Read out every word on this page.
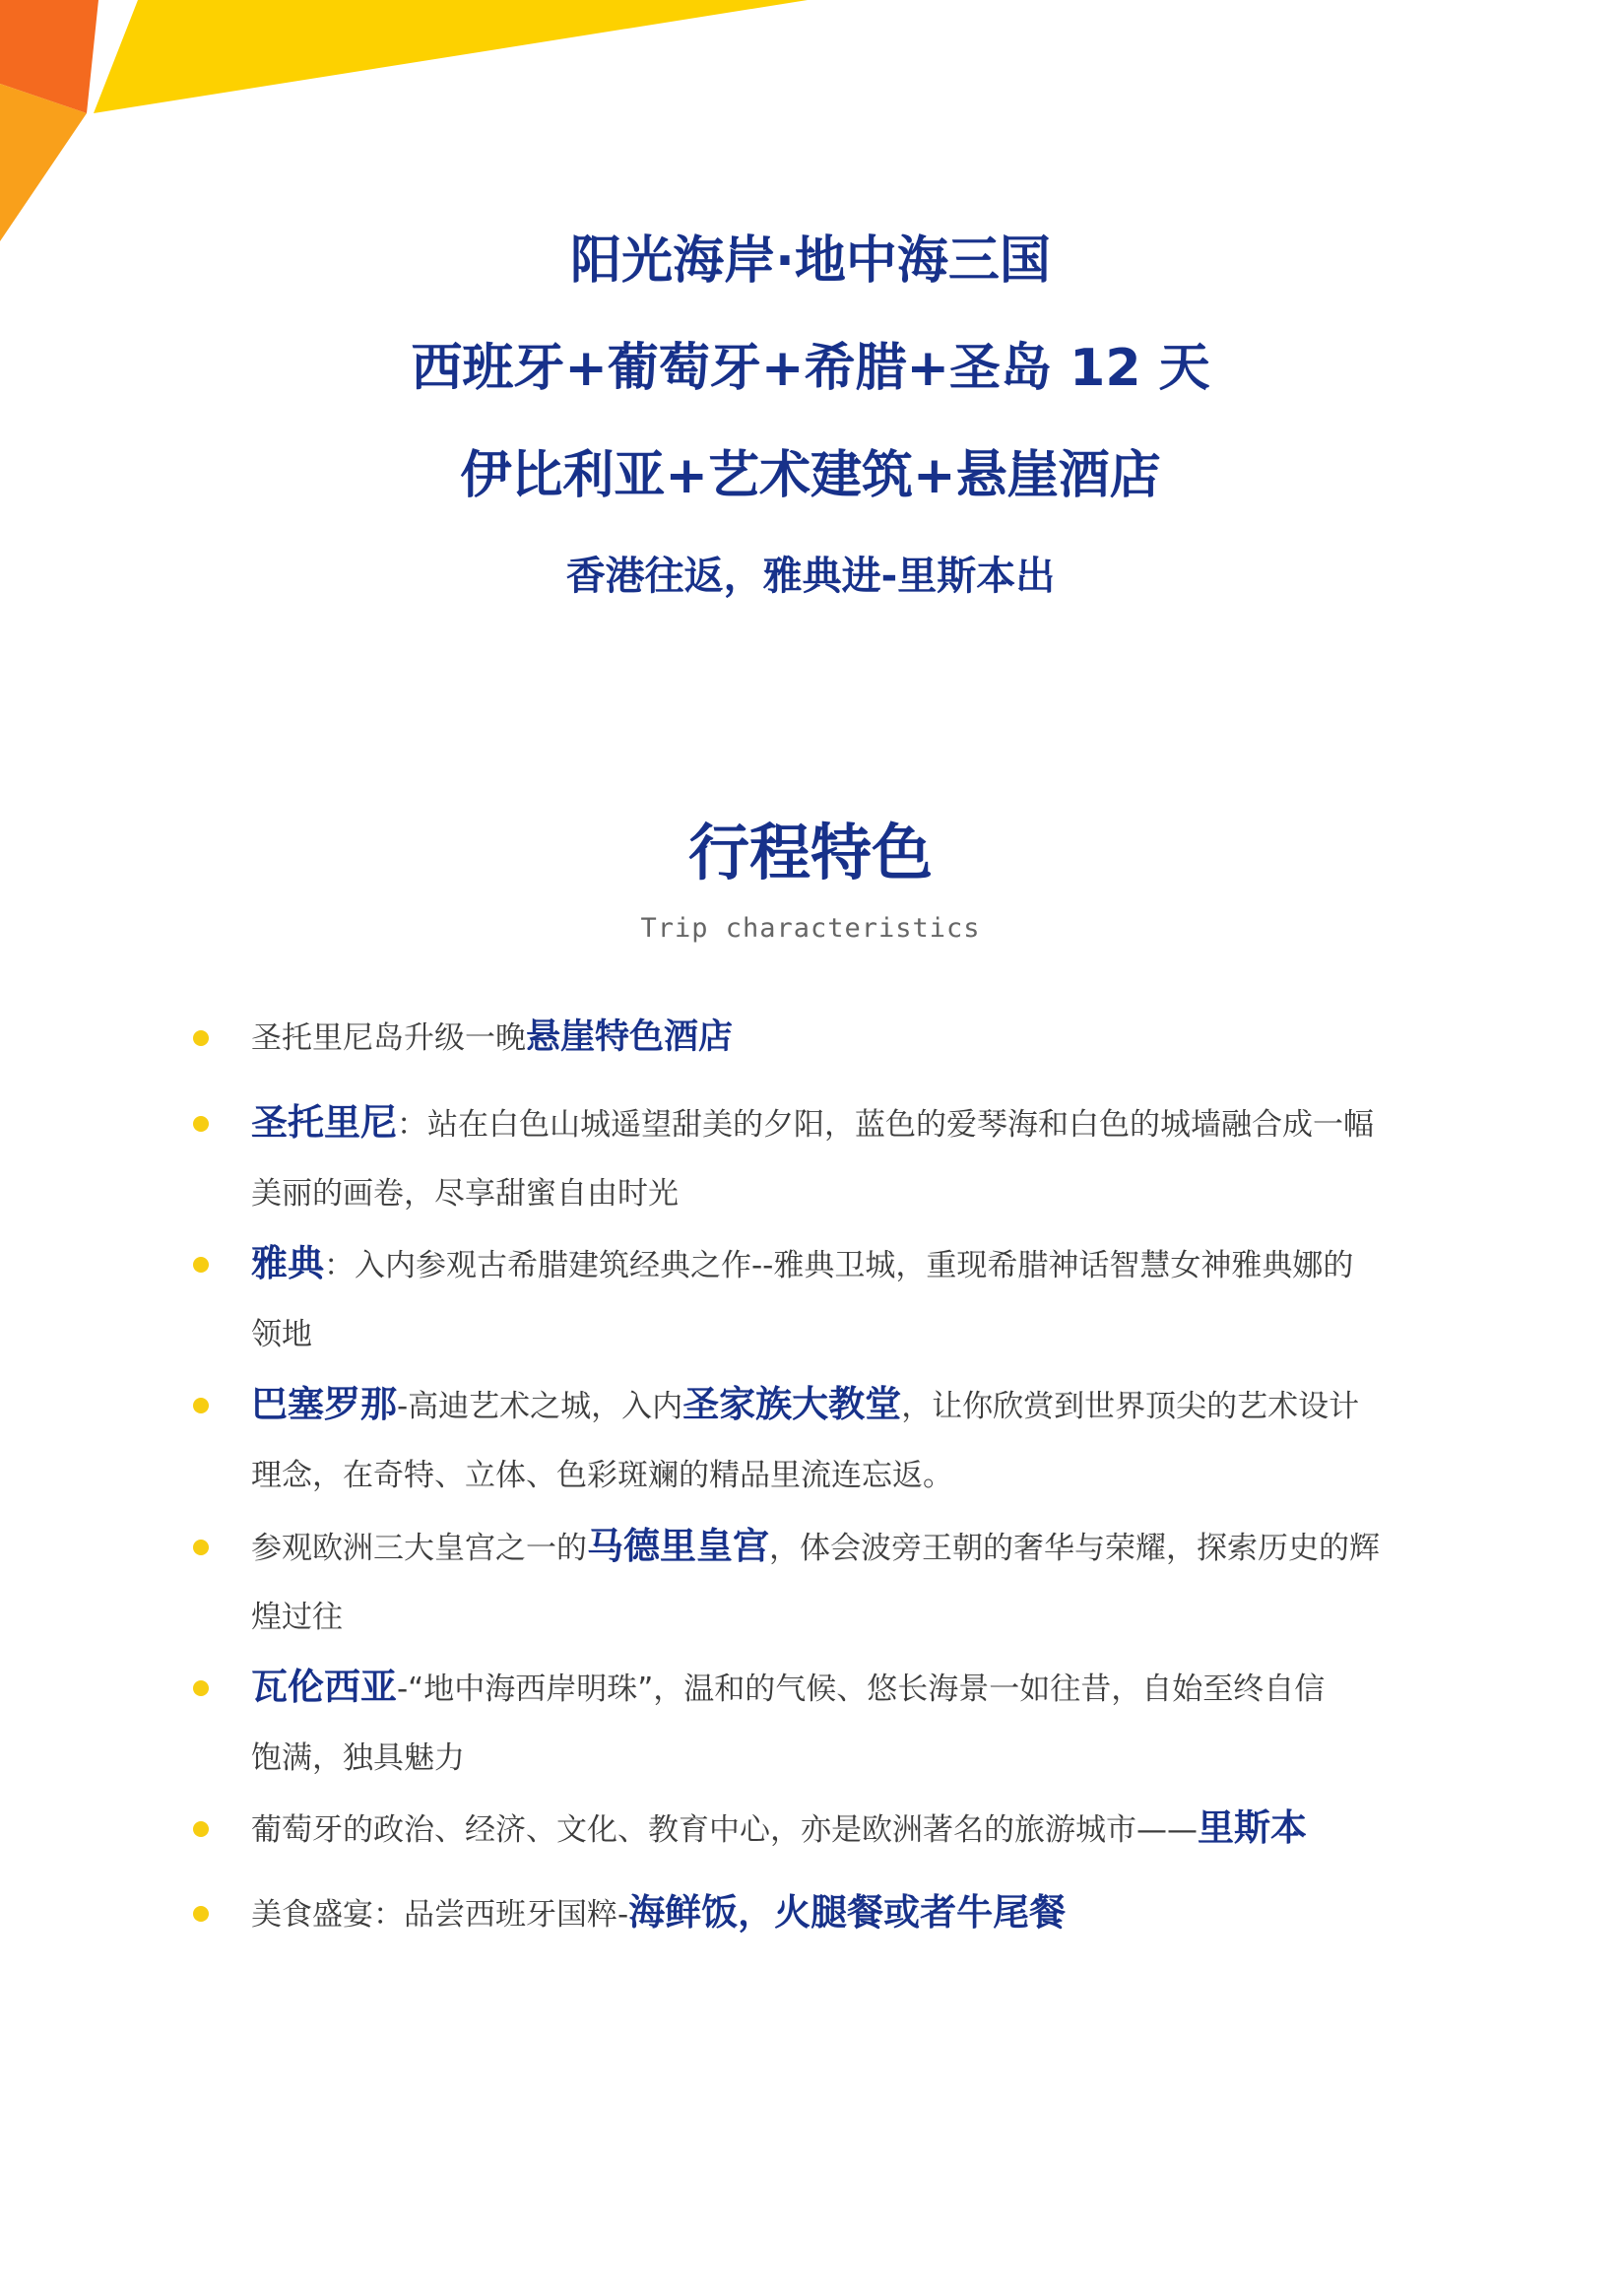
阳光海岸·地中海三国
西班牙+葡萄牙+希腊+圣岛 12 天
伊比利亚+艺术建筑+悬崖酒店
香港往返，雅典进-里斯本出
行程特色
Trip characteristics
圣托里尼岛升级一晚悬崖特色酒店
圣托里尼：站在白色山城遥望甜美的夕阳，蓝色的爱琴海和白色的城墙融合成一幅
美丽的画卷，尽享甜蜜自由时光
雅典：入内参观古希腊建筑经典之作--雅典卫城，重现希腊神话智慧女神雅典娜的
领地
巴塞罗那-高迪艺术之城，入内圣家族大教堂，让你欣赏到世界顶尖的艺术设计
理念，在奇特、立体、色彩斑斓的精品里流连忘返。
参观欧洲三大皇宫之一的马德里皇宫，体会波旁王朝的奢华与荣耀，探索历史的辉
煌过往
瓦伦西亚-“地中海西岸明珠”，温和的气候、悠长海景一如往昔，自始至终自信
饱满，独具魅力
葡萄牙的政治、经济、文化、教育中心，亦是欧洲著名的旅游城市——里斯本
美食盛宴：品尝西班牙国粹-海鲜饭，火腿餐或者牛尾餐
